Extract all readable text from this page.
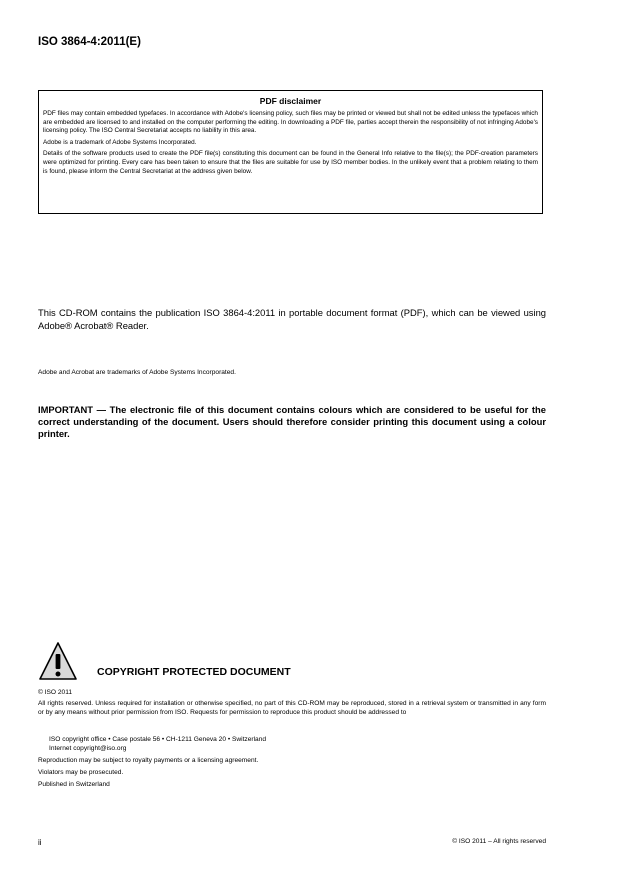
ISO 3864-4:2011(E)
PDF disclaimer

PDF files may contain embedded typefaces. In accordance with Adobe's licensing policy, such files may be printed or viewed but shall not be edited unless the typefaces which are embedded are licensed to and installed on the computer performing the editing. In downloading a PDF file, parties accept therein the responsibility of not infringing Adobe's licensing policy. The ISO Central Secretariat accepts no liability in this area.

Adobe is a trademark of Adobe Systems Incorporated.

Details of the software products used to create the PDF file(s) constituting this document can be found in the General Info relative to the file(s); the PDF-creation parameters were optimized for printing. Every care has been taken to ensure that the files are suitable for use by ISO member bodies. In the unlikely event that a problem relating to them is found, please inform the Central Secretariat at the address given below.

This CD-ROM contains the publication ISO 3864-4:2011 in portable document format (PDF), which can be viewed using Adobe® Acrobat® Reader.

Adobe and Acrobat are trademarks of Adobe Systems Incorporated.

IMPORTANT — The electronic file of this document contains colours which are considered to be useful for the correct understanding of the document. Users should therefore consider printing this document using a colour printer.

COPYRIGHT PROTECTED DOCUMENT

© ISO 2011

All rights reserved. Unless required for installation or otherwise specified, no part of this CD-ROM may be reproduced, stored in a retrieval system or transmitted in any form or by any means without prior permission from ISO. Requests for permission to reproduce this product should be addressed to

ISO copyright office • Case postale 56 • CH-1211 Geneva 20 • Switzerland

Internet copyright@iso.org

Reproduction may be subject to royalty payments or a licensing agreement.

Violators may be prosecuted.

Published in Switzerland

ii	© ISO 2011 – All rights reserved
